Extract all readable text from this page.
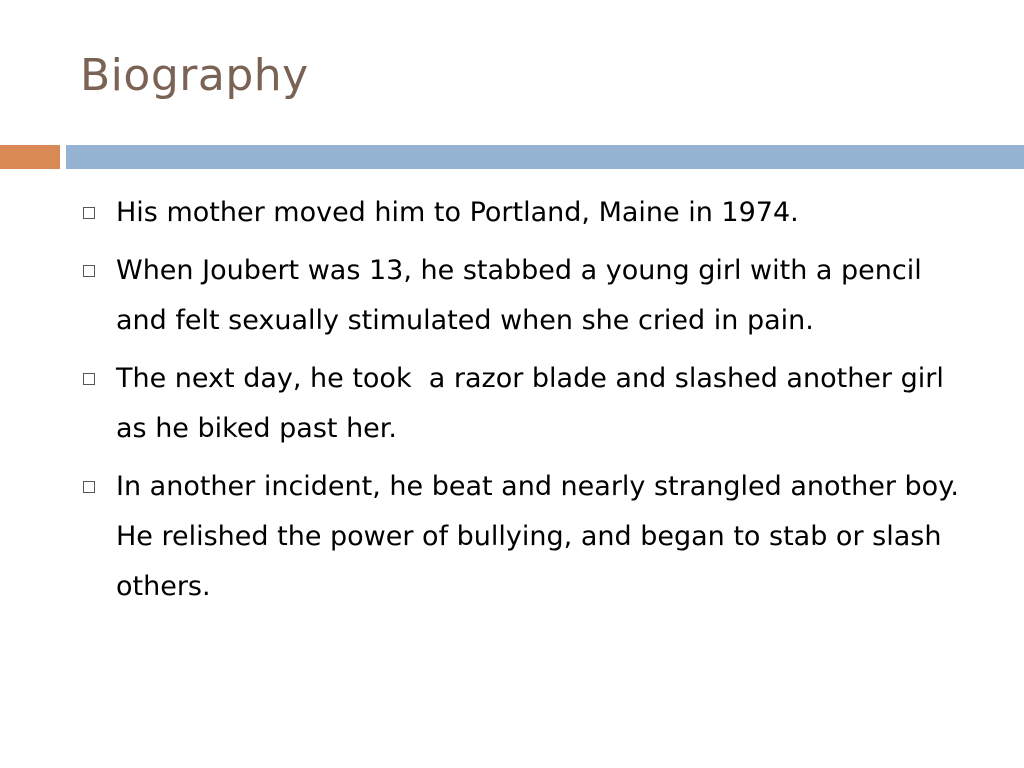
Biography
His mother moved him to Portland, Maine in 1974.
When Joubert was 13, he stabbed a young girl with a pencil and felt sexually stimulated when she cried in pain.
The next day, he took  a razor blade and slashed another girl as he biked past her.
In another incident, he beat and nearly strangled another boy. He relished the power of bullying, and began to stab or slash others.
